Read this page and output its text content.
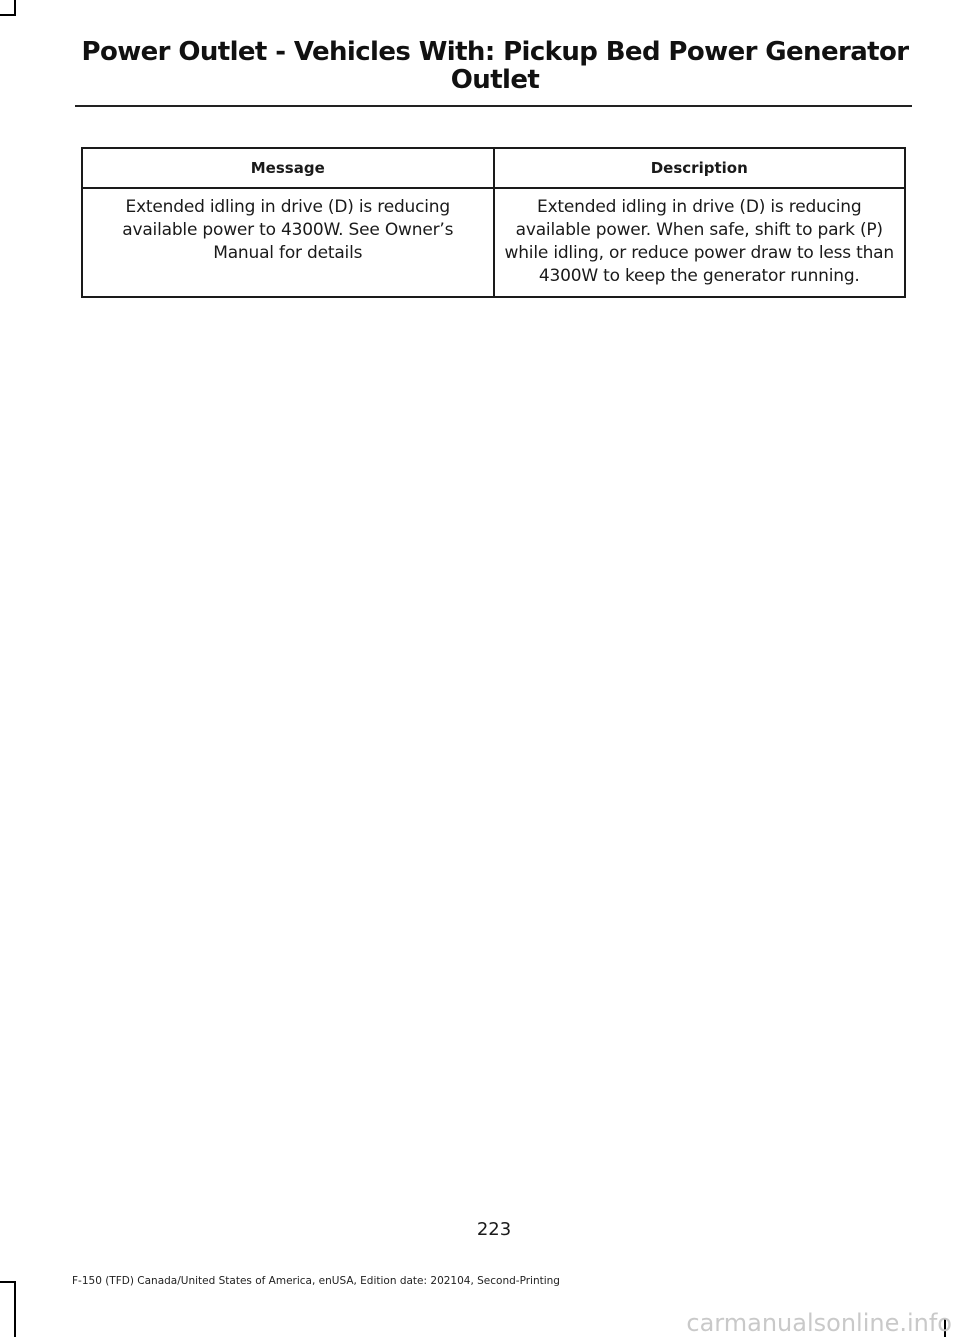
Power Outlet - Vehicles With: Pickup Bed Power Generator Outlet
Message	Description
Extended idling in drive (D) is reducing available power to 4300W. See Owner’s Manual for details	Extended idling in drive (D) is reducing available power. When safe, shift to park (P) while idling, or reduce power draw to less than 4300W to keep the generator running.
223
F-150 (TFD) Canada/United States of America, enUSA, Edition date: 202104, Second-Printing
carmanualsonline.info
